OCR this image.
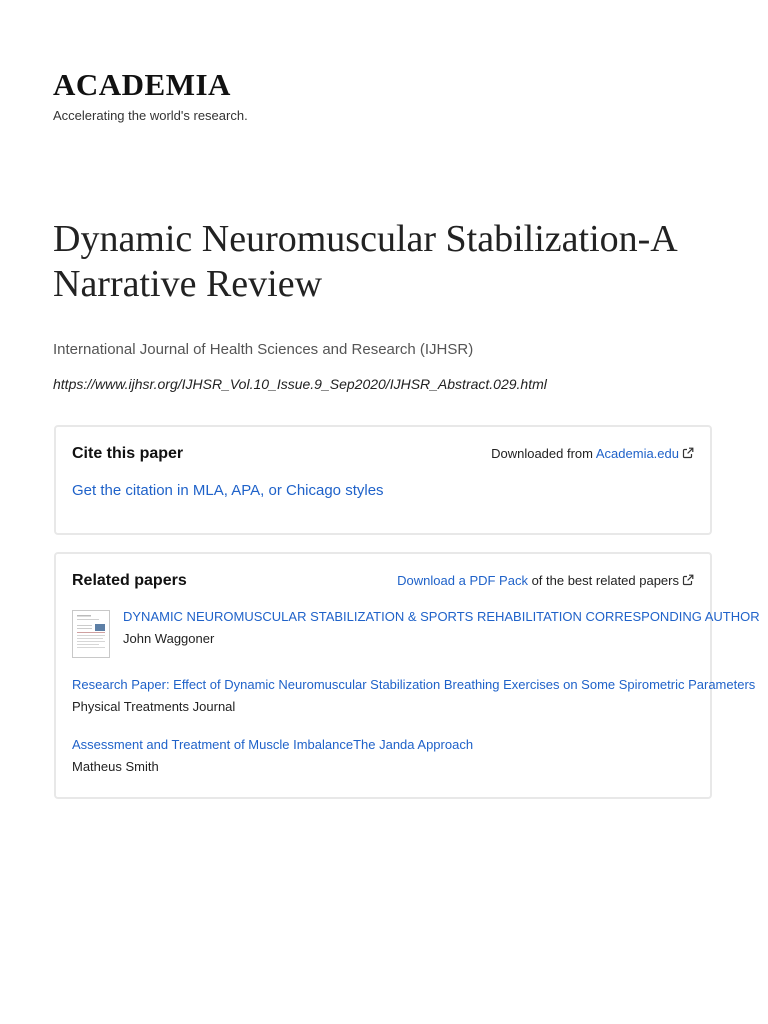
ACADEMIA
Accelerating the world's research.
Dynamic Neuromuscular Stabilization-A Narrative Review
International Journal of Health Sciences and Research (IJHSR)
https://www.ijhsr.org/IJHSR_Vol.10_Issue.9_Sep2020/IJHSR_Abstract.029.html
Cite this paper	Downloaded from Academia.edu
Get the citation in MLA, APA, or Chicago styles
Related papers	Download a PDF Pack of the best related papers
DYNAMIC NEUROMUSCULAR STABILIZATION & SPORTS REHABILITATION CORRESPONDING AUTHOR
John Waggoner
Research Paper: Effect of Dynamic Neuromuscular Stabilization Breathing Exercises on Some Spirometric Parameters
Physical Treatments Journal
Assessment and Treatment of Muscle ImbalanceThe Janda Approach
Matheus Smith
